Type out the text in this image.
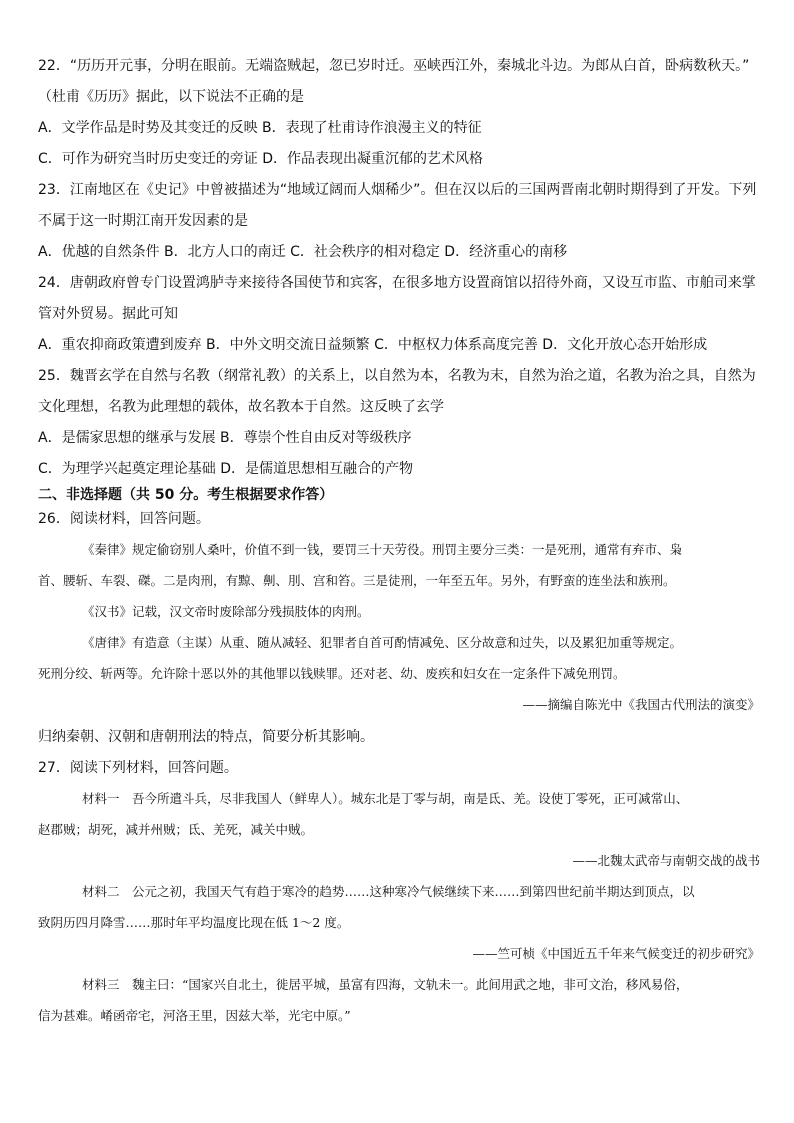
22．“历历开元事，分明在眼前。无端盗贼起，忽已岁时迁。巫峡西江外，秦城北斗边。为郎从白首，卧病数秋天。”

（杜甫《历历》据此，以下说法不正确的是

A．文学作品是时势及其变迁的反映 B．表现了杜甫诗作浪漫主义的特征

C．可作为研究当时历史变迁的旁证 D．作品表现出凝重沉郁的艺术风格

23．江南地区在《史记》中曾被描述为“地域辽阔而人烟稀少”。但在汉以后的三国两晋南北朝时期得到了开发。下列

不属于这一时期江南开发因素的是

A．优越的自然条件 B．北方人口的南迁 C．社会秩序的相对稳定 D．经济重心的南移

24．唐朝政府曾专门设置鸿胪寺来接待各国使节和宾客，在很多地方设置商馆以招待外商，又设互市监、市舶司来掌

管对外贸易。据此可知

A．重农抑商政策遭到废弃 B．中外文明交流日益频繁 C．中枢权力体系高度完善 D．文化开放心态开始形成

25．魏晋玄学在自然与名教（纲常礼教）的关系上，以自然为本，名教为末，自然为治之道，名教为治之具，自然为

文化理想，名教为此理想的载体，故名教本于自然。这反映了玄学

A．是儒家思想的继承与发展 B．尊崇个性自由反对等级秩序

C．为理学兴起奠定理论基础 D．是儒道思想相互融合的产物

二、非选择题（共 50 分。考生根据要求作答）

26．阅读材料，回答问题。

《秦律》规定偷窃别人桑叶，价值不到一钱，要罚三十天劳役。刑罚主要分三类：一是死刑，通常有弃市、枭

首、腰斩、车裂、磔。二是肉刑，有黥、劓、刖、宫和笞。三是徒刑，一年至五年。另外，有野蛮的连坐法和族刑。

《汉书》记载，汉文帝时废除部分残损肢体的肉刑。

《唐律》有造意（主谋）从重、随从减轻、犯罪者自首可酌情减免、区分故意和过失，以及累犯加重等规定。

死刑分绞、斩两等。允许除十恶以外的其他罪以钱赎罪。还对老、幼、废疾和妇女在一定条件下减免刑罚。

——摘编自陈光中《我国古代刑法的演变》

归纳秦朝、汉朝和唐朝刑法的特点，简要分析其影响。

27．阅读下列材料，回答问题。

材料一　吾今所遣斗兵，尽非我国人（鲜卑人）。城东北是丁零与胡，南是氐、羌。设使丁零死，正可减常山、

赵郡贼；胡死，减并州贼；氐、羌死，减关中贼。

——北魏太武帝与南朝交战的战书

材料二　公元之初，我国天气有趋于寒冷的趋势……这种寒冷气候继续下来……到第四世纪前半期达到顶点，以

致阴历四月降雪……那时年平均温度比现在低 1～2 度。

——竺可桢《中国近五千年来气候变迁的初步研究》

材料三　魏主曰：“国家兴自北土，徙居平城，虽富有四海，文轨未一。此间用武之地，非可文治，移风易俗，

信为甚难。崤函帝宅，河洛王里，因兹大举，光宅中原。”
